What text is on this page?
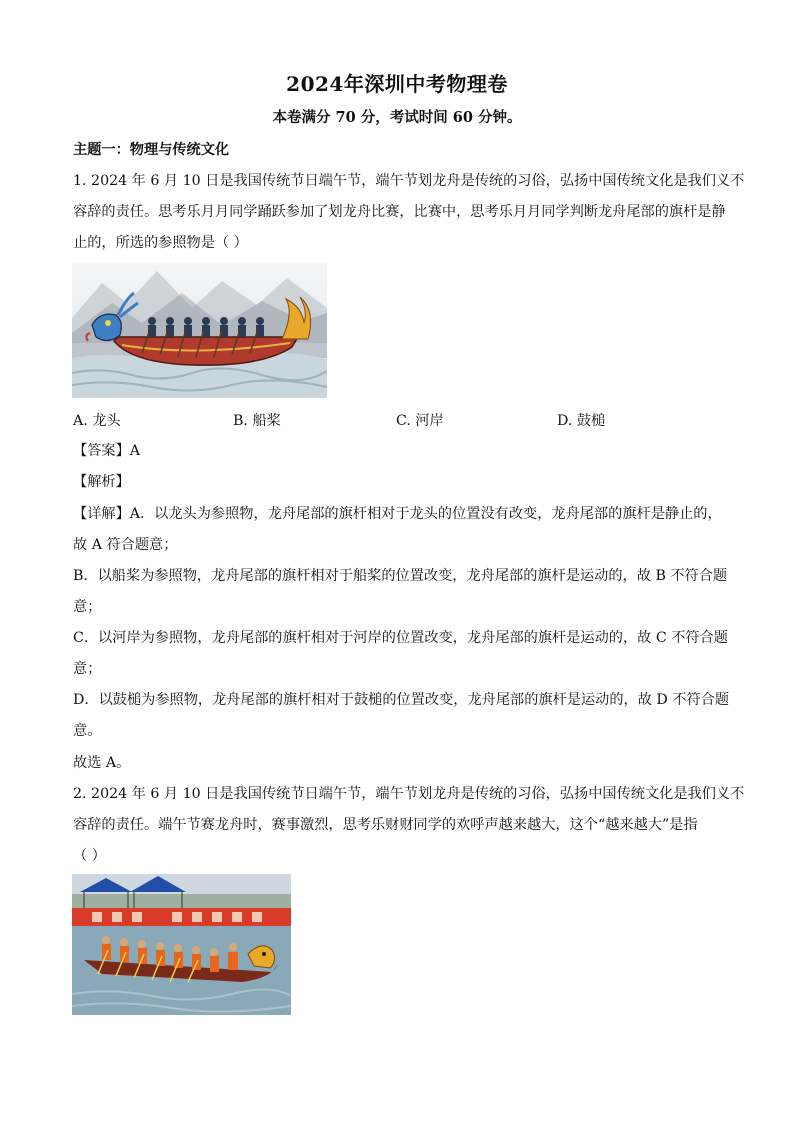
2024年深圳中考物理卷
本卷满分 70 分，考试时间 60 分钟。
主题一：物理与传统文化
1. 2024 年 6 月 10 日是我国传统节日端午节，端午节划龙舟是传统的习俗，弘扬中国传统文化是我们义不
容辞的责任。思考乐月月同学踊跃参加了划龙舟比赛，比赛中，思考乐月月同学判断龙舟尾部的旗杆是静
止的，所选的参照物是（ ）
A. 龙头	B. 船桨	C. 河岸	D. 鼓槌
【答案】A
【解析】
【详解】A．以龙头为参照物，龙舟尾部的旗杆相对于龙头的位置没有改变，龙舟尾部的旗杆是静止的，
故 A 符合题意；
B．以船桨为参照物，龙舟尾部的旗杆相对于船桨的位置改变，龙舟尾部的旗杆是运动的，故 B 不符合题
意；
C．以河岸为参照物，龙舟尾部的旗杆相对于河岸的位置改变，龙舟尾部的旗杆是运动的，故 C 不符合题
意；
D．以鼓槌为参照物，龙舟尾部的旗杆相对于鼓槌的位置改变，龙舟尾部的旗杆是运动的，故 D 不符合题
意。
故选 A。
2. 2024 年 6 月 10 日是我国传统节日端午节，端午节划龙舟是传统的习俗，弘扬中国传统文化是我们义不
容辞的责任。端午节赛龙舟时，赛事激烈，思考乐财财同学的欢呼声越来越大，这个“越来越大”是指
（ ）
